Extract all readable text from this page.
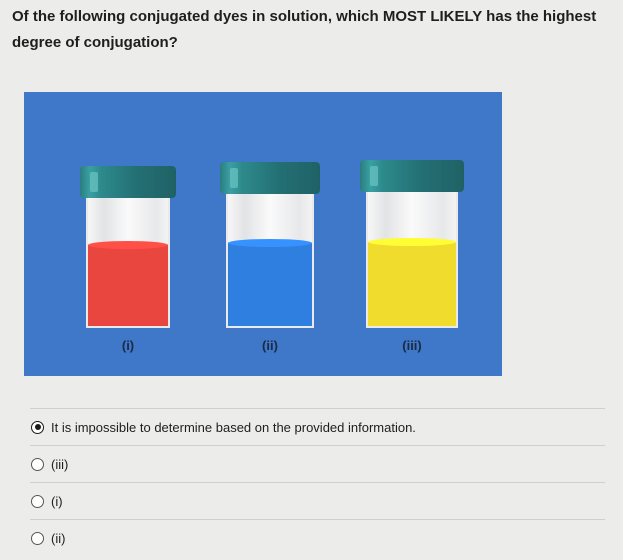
Of the following conjugated dyes in solution, which MOST LIKELY has the highest
degree of conjugation?
(i)	(ii)	(iii)
It is impossible to determine based on the provided information.
(iii)
(i)
(ii)
